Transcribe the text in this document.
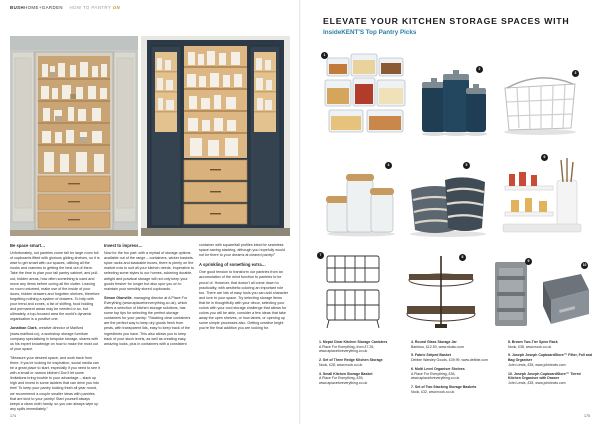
BUSHHOME+GARDEN HOW TO PANTRY ON

Be space smart…

Unfortunately, not pantries come tall for large room full of cupboards fitted with glorious gliding shelves, so it is wise to get smart with our spaces, utilising all the nooks and crannies to getting the best out of them. Take the time to plan your tall pantry cabinet, and pull-out, hidden areas, how often something is used and move any items before curing all the clutter. Leaving no room unturned, make use of the inside of your doors, hidden drawers and forgotten shelves, therefore forgetting nothing a system of drawers. To help with your trend and zones, a list of shifting, food holding and permanent areas may be needed or so, but ultimately, a top-focused area the world's dynamic organisation is a positive one.

Jonathan Clark, creative director of Mailford (www.mailford.co), a workshop storage furniture company specialising in bespoke storage, shares with us his expert knowledge on how to make the most out of your space.

"Measure your desired space, and work back from there. If you're looking for inspiration, social media can be a great place to start, especially if you need to see it with a small or narrow kitchen! Don't let some limitations bring trouble to your advantage – slack up high and invest in some ladders that can drive you into tree! To keep your pantry looking fresh all year round, we recommend a couple smaller ideas with pantries that are kind to your pantry! Start yourself always keeps a clean cloth handy, so you can always wipe up any spills immediately."

Invest to impress…

Now for the fun part: with a myriad of storage options available out of the range – containers, wicker baskets, spice racks and stackable boxes, there is plenty on the market now to suit all your kitchen needs. Imperative to selecting some styles to our homes, adorning durable, airtight and practical storage will not only keep your goods fresher for longer but also spur you on to maintain your sensibly stored cupboards.

Simon Glanville, managing director at A Place For Everything (www.aplaceforeverything.co.uk), which offers a selection of kitchen storage solutions, has some top tips for selecting the perfect storage containers for your pantry: "Stacking clear containers are the perfect way to keep dry goods fresh from pests, with transparent lids, easy to keep track of the ingredients you have. This also allows you to keep track of your stock levels, as well as creating easy, amazing looks, plus in containers with a consistent

container with square/tall profiles ideal for seamless space-saving stacking, although you hopefully would not be there to your dreams at cleared pantry!"

A sprinkling of something extra…

One good tension to transform our pantries from an accumulation of the mind function to pantries to be proud of. However, that doesn't all come down to practicality, with aesthetic coloring an important role too. There are lots of easy tools you can add character and love to your space. Try selecting storage items that tie in thoughtfully with your décor, selecting your colors with your cool storage challenge that allows for colors you will be able, consider a few ideas that take away the open shelves, or how labels, or opening up some simple processes also. Getting creative bright you're the final addition you are looking for.

174
ELEVATE YOUR KITCHEN STORAGE SPACES WITH
InsideKENT'S Top Pantry Picks
1
2
3
4	5
6
7	8
9
10
1. Mepal Clear Kitchen Storage Canisters
A Place For Everything, from £7.26, www.aplaceforeverything.co.uk
2. Set of Three Redge Kitchen Storage
Nook, £28, www.nook.co.uk
3. Small Kitchen Storage Basket
A Place For Everything, £39, www.aplaceforeverything.co.uk
4. Round Glass Storage Jar
Bambuu, £12.50, www.nkuku.com
5. Fabric Striped Basket
Debbie Warsley Goods, £39.99, www.debbie.com
6. Multi Level Organiser Shelves
A Place For Everything, £36, www.aplaceforeverything.co.uk
7. Set of Two Stacking Storage Baskets
Nook, £32, www.nook.co.uk
8. Brown Two-Tier Spice Rack
Nook, £38, www.nook.co.uk
9. Joseph Joseph CupboardStore™ Filter, Foil and Bag Organiser
John Lewis, £35, www.johnlewis.com
10. Joseph Joseph CupboardStore™ Tiered Kitchen Organiser with Drawer
John Lewis, £35, www.johnlewis.com
175
